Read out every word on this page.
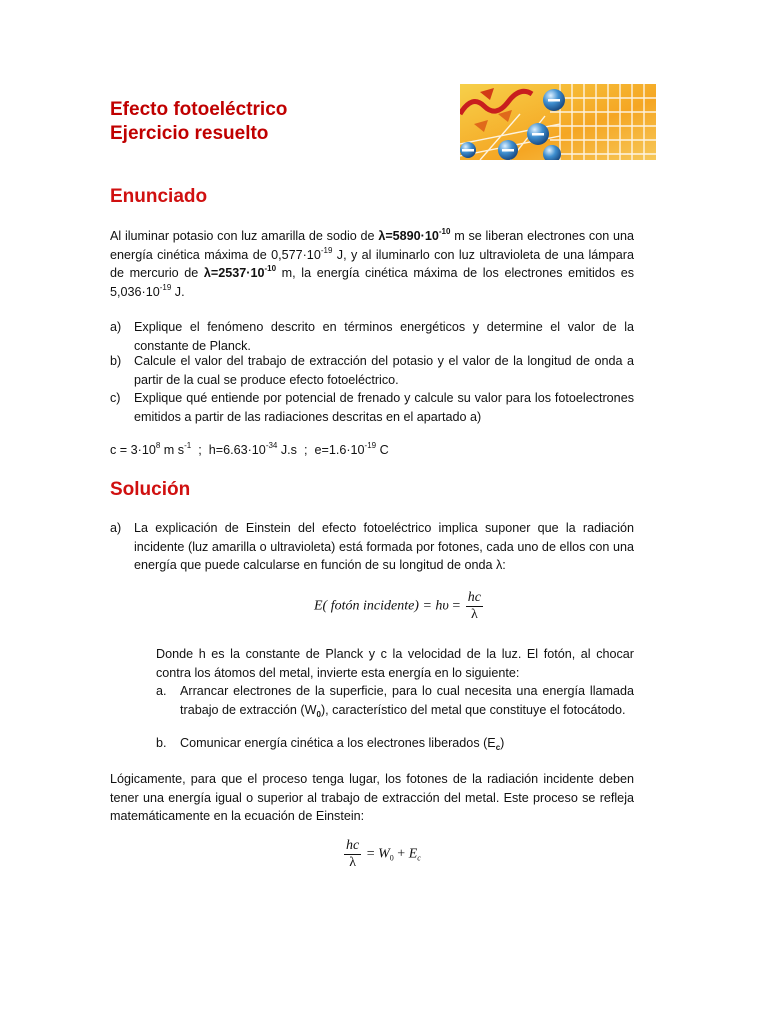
Efecto fotoeléctrico
Ejercicio resuelto
Enunciado
Al iluminar potasio con luz amarilla de sodio de $\lambda=5890\cdot 10^{-10}$ m se liberan electrones con una energía cinética máxima de $0,577\cdot 10^{-19}$ J, y al iluminarlo con luz ultravioleta de una lámpara de mercurio de $\lambda=2537\cdot 10^{-10}$ m, la energía cinética máxima de los electrones emitidos es $5,036\cdot 10^{-19}$ J.
a) Explique el fenómeno descrito en términos energéticos y determine el valor de la constante de Planck.
b) Calcule el valor del trabajo de extracción del potasio y el valor de la longitud de onda a partir de la cual se produce efecto fotoeléctrico.
c) Explique qué entiende por potencial de frenado y calcule su valor para los fotoelectrones emitidos a partir de las radiaciones descritas en el apartado a)
$c = 3\cdot 10^8$ m $s^{-1}$  ;  $h=6.63\cdot 10^{-34}$ J.s  ;  $e=1.6\cdot 10^{-19}$ C
Solución
a) La explicación de Einstein del efecto fotoeléctrico implica suponer que la radiación incidente (luz amarilla o ultravioleta) está formada por fotones, cada uno de ellos con una energía que puede calcularse en función de su longitud de onda λ:
E( fotón incidente) = $h\upsilon = \frac{hc}{\lambda}$
Donde h es la constante de Planck y c la velocidad de la luz. El fotón, al chocar contra los átomos del metal, invierte esta energía en lo siguiente:
a. Arrancar electrones de la superficie, para lo cual necesita una energía llamada trabajo de extracción $(W_0)$, característico del metal que constituye el fotocátodo.
b. Comunicar energía cinética a los electrones liberados $(E_c)$
Lógicamente, para que el proceso tenga lugar, los fotones de la radiación incidente deben tener una energía igual o superior al trabajo de extracción del metal. Este proceso se refleja matemáticamente en la ecuación de Einstein:
$\frac{hc}{\lambda} = W_0 + E_c$
